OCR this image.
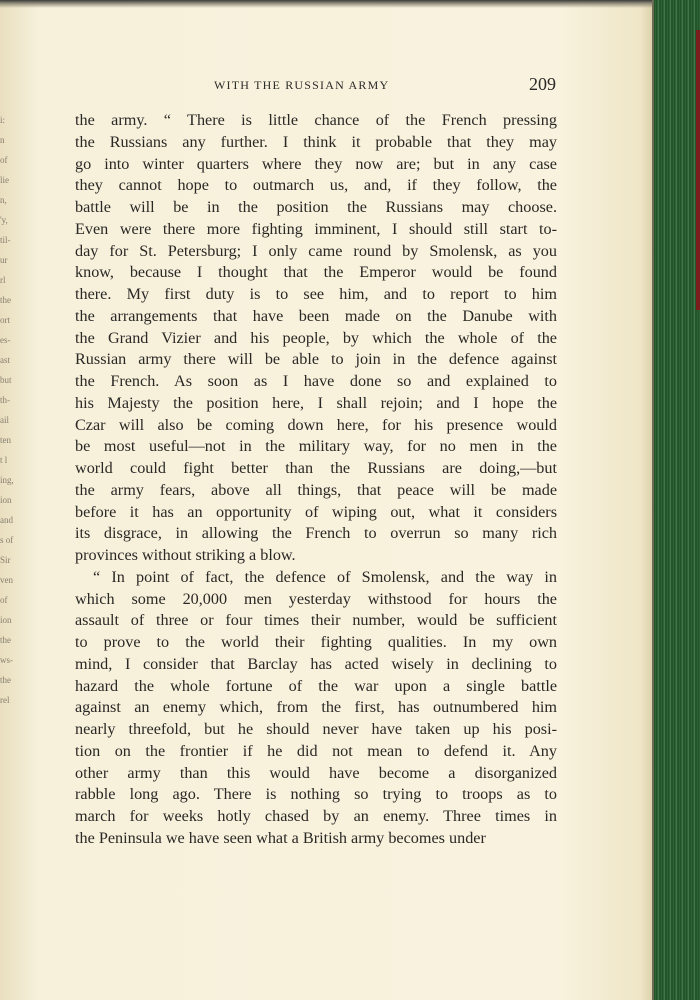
i:
n
of
lie
n,
'y,
til-
ur
rl
the
ort
es-
ast
but
th-
ail
ten
t l
ing,
ion
and
s of
Sir
ven
of
ion
the
ws-
the
rel
WITH THE RUSSIAN ARMY	209
the army. “ There is little chance of the French pressing
the Russians any further. I think it probable that they may
go into winter quarters where they now are; but in any case
they cannot hope to outmarch us, and, if they follow, the
battle will be in the position the Russians may choose.
Even were there more fighting imminent, I should still start to-
day for St. Petersburg; I only came round by Smolensk, as you
know, because I thought that the Emperor would be found
there. My first duty is to see him, and to report to him
the arrangements that have been made on the Danube with
the Grand Vizier and his people, by which the whole of the
Russian army there will be able to join in the defence against
the French. As soon as I have done so and explained to
his Majesty the position here, I shall rejoin; and I hope the
Czar will also be coming down here, for his presence would
be most useful—not in the military way, for no men in the
world could fight better than the Russians are doing,—but
the army fears, above all things, that peace will be made
before it has an opportunity of wiping out, what it considers
its disgrace, in allowing the French to overrun so many rich
provinces without striking a blow.
“ In point of fact, the defence of Smolensk, and the way in
which some 20,000 men yesterday withstood for hours the
assault of three or four times their number, would be sufficient
to prove to the world their fighting qualities. In my own
mind, I consider that Barclay has acted wisely in declining to
hazard the whole fortune of the war upon a single battle
against an enemy which, from the first, has outnumbered him
nearly threefold, but he should never have taken up his posi-
tion on the frontier if he did not mean to defend it. Any
other army than this would have become a disorganized
rabble long ago. There is nothing so trying to troops as to
march for weeks hotly chased by an enemy. Three times in
the Peninsula we have seen what a British army becomes under
